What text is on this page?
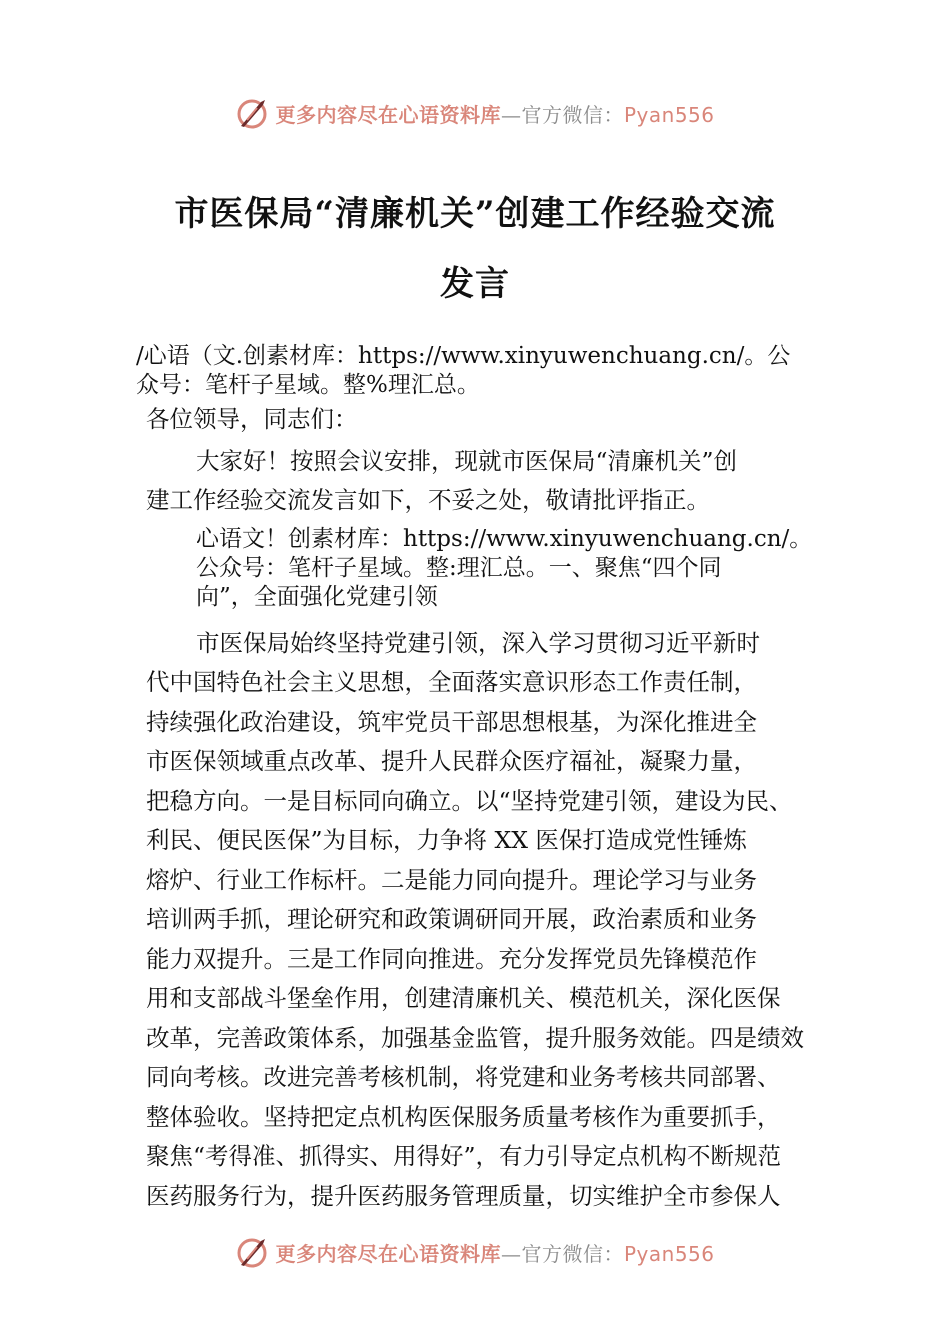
更多内容尽在心语资料库—官方微信：Pyan556
市医保局“清廉机关”创建工作经验交流
发言
/心语（文.创素材库：https://www.xinyuwenchuang.cn/。公
众号：笔杆子星域。整%理汇总。
各位领导，同志们：
大家好！按照会议安排，现就市医保局“清廉机关”创
建工作经验交流发言如下，不妥之处，敬请批评指正。
心语文！创素材库：https://www.xinyuwenchuang.cn/。
公众号：笔杆子星域。整:理汇总。一、聚焦“四个同
向”，全面强化党建引领
市医保局始终坚持党建引领，深入学习贯彻习近平新时
代中国特色社会主义思想，全面落实意识形态工作责任制，
持续强化政治建设，筑牢党员干部思想根基，为深化推进全
市医保领域重点改革、提升人民群众医疗福祉，凝聚力量，
把稳方向。一是目标同向确立。以“坚持党建引领，建设为民、
利民、便民医保”为目标，力争将 XX 医保打造成党性锤炼
熔炉、行业工作标杆。二是能力同向提升。理论学习与业务
培训两手抓，理论研究和政策调研同开展，政治素质和业务
能力双提升。三是工作同向推进。充分发挥党员先锋模范作
用和支部战斗堡垒作用，创建清廉机关、模范机关，深化医保
改革，完善政策体系，加强基金监管，提升服务效能。四是绩效
同向考核。改进完善考核机制，将党建和业务考核共同部署、
整体验收。坚持把定点机构医保服务质量考核作为重要抓手，
聚焦“考得准、抓得实、用得好”，有力引导定点机构不断规范
医药服务行为，提升医药服务管理质量，切实维护全市参保人
更多内容尽在心语资料库—官方微信：Pyan556
